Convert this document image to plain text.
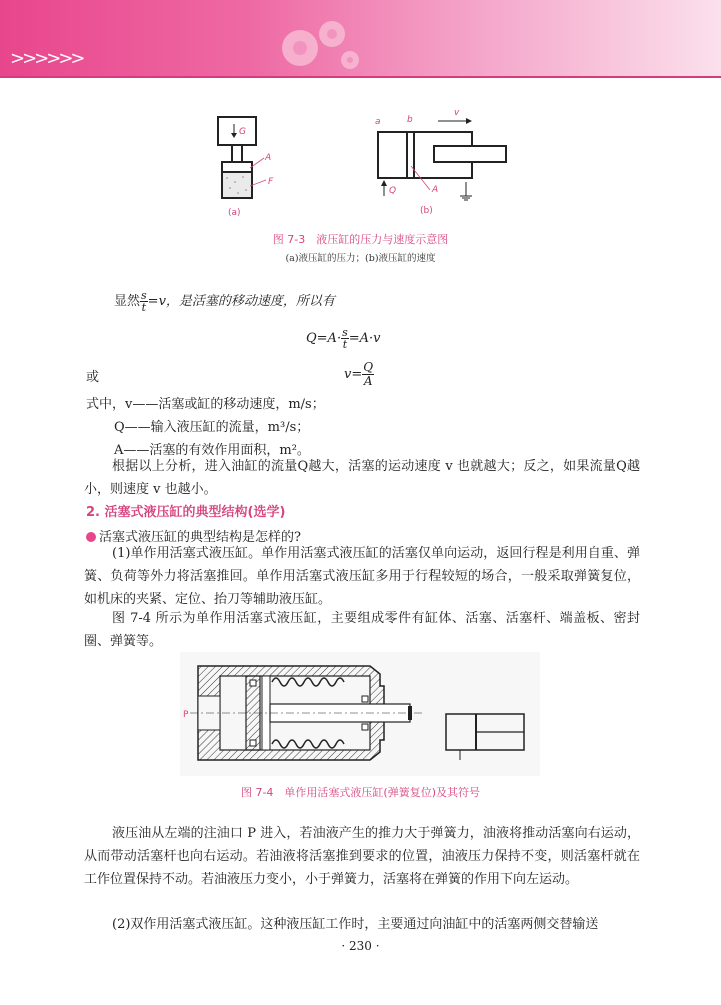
>>>>>>
G
A
F
(a)
a	b
v
Q	A
(b)
图 7-3　液压缸的压力与速度示意图
(a)液压缸的压力；(b)液压缸的速度
显然 $\frac{s}{t} =v$，是活塞的移动速度，所以有
$Q=A\cdot \frac{s}{t} =A\cdot v$
或	$v= \frac{Q}{A}$
式中，v——活塞或缸的移动速度，m/s；
Q——输入液压缸的流量，m³/s；
A——活塞的有效作用面积，m²。
根据以上分析，进入油缸的流量Q越大，活塞的运动速度 v 也就越大；反之，如果流量Q越小，则速度 v 也越小。
2. 活塞式液压缸的典型结构(选学)
活塞式液压缸的典型结构是怎样的?
(1)单作用活塞式液压缸。单作用活塞式液压缸的活塞仅单向运动，返回行程是利用自重、弹簧、负荷等外力将活塞推回。单作用活塞式液压缸多用于行程较短的场合，一般采取弹簧复位，如机床的夹紧、定位、抬刀等辅助液压缸。
图 7-4 所示为单作用活塞式液压缸，主要组成零件有缸体、活塞、活塞杆、端盖板、密封圈、弹簧等。
P
图 7-4　单作用活塞式液压缸(弹簧复位)及其符号
液压油从左端的注油口 P 进入，若油液产生的推力大于弹簧力，油液将推动活塞向右运动，从而带动活塞杆也向右运动。若油液将活塞推到要求的位置，油液压力保持不变，则活塞杆就在工作位置保持不动。若油液压力变小，小于弹簧力，活塞将在弹簧的作用下向左运动。
(2)双作用活塞式液压缸。这种液压缸工作时，主要通过向油缸中的活塞两侧交替输送
· 230 ·
